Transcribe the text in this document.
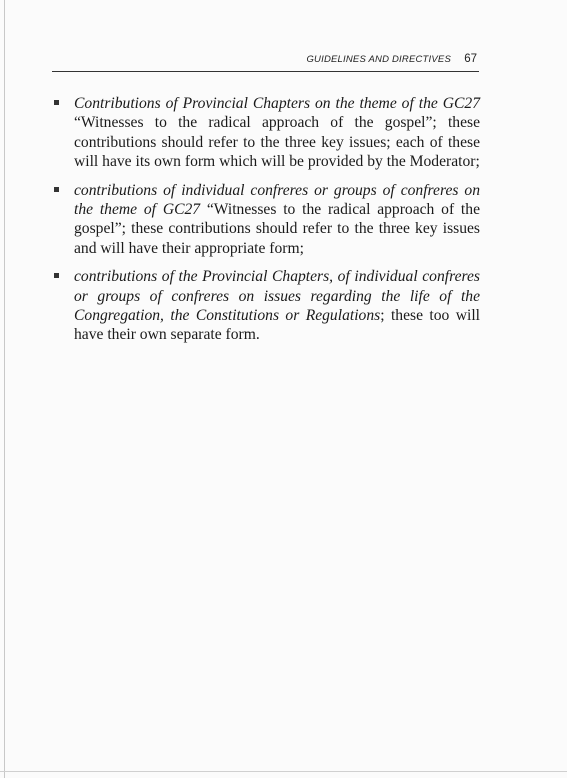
GUIDELINES AND DIRECTIVES 67
Contributions of Provincial Chapters on the theme of the GC27 “Witnesses to the radical approach of the gospel”; these contributions should refer to the three key issues; each of these will have its own form which will be provided by the Moderator;
contributions of individual confreres or groups of confreres on the theme of GC27 “Witnesses to the radical approach of the gospel”; these contributions should refer to the three key issues and will have their appropriate form;
contributions of the Provincial Chapters, of individual confreres or groups of confreres on issues regarding the life of the Congregation, the Constitutions or Regulations; these too will have their own separate form.
